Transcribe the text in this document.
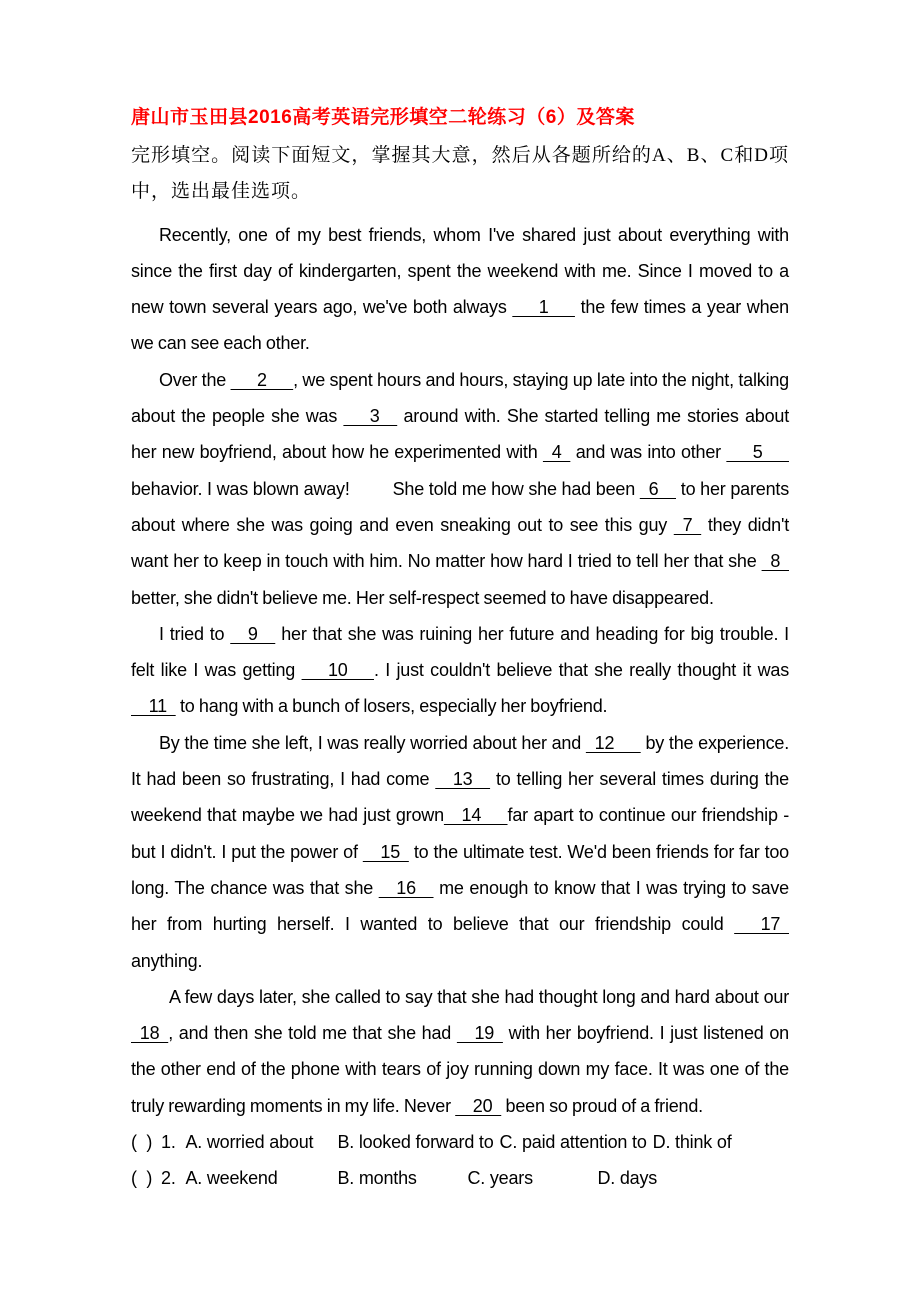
唐山市玉田县2016高考英语完形填空二轮练习（6）及答案

完形填空。阅读下面短文，掌握其大意，然后从各题所给的A、B、C和D项中，选出最佳选项。

Recently, one of my best friends, whom I've shared just about everything with since the first day of kindergarten, spent the weekend with me. Since I moved to a new town several years ago, we've both always    1    the few times a year when we can see each other.

Over the    2   , we spent hours and hours, staying up late into the night, talking about the people she was    3   around with. She started telling me stories about her new boyfriend, about how he experimented with  4  and was into other    5    behavior. I was blown away!         She told me how she had been  6   to her parents about where she was going and even sneaking out to see this guy  7  they didn't want her to keep in touch with him. No matter how hard I tried to tell her that she  8  better, she didn't believe me. Her self-respect seemed to have disappeared.

I tried to   9   her that she was ruining her future and heading for big trouble. I felt like I was getting    10   . I just couldn't believe that she really thought it was   11  to hang with a bunch of losers, especially her boyfriend.

By the time she left, I was really worried about her and  12    by the experience. It had been so frustrating, I had come   13   to telling her several times during the weekend that maybe we had just grown  14   far apart to continue our friendship - but I didn't. I put the power of   15  to the ultimate test. We'd been friends for far too long. The chance was that she   16   me enough to know that I was trying to save her from hurting herself. I wanted to believe that our friendship could    17  anything.

A few days later, she called to say that she had thought long and hard about our  18 , and then she told me that she had   19  with her boyfriend. I just listened on the other end of the phone with tears of joy running down my face. It was one of the truly rewarding moments in my life. Never   20  been so proud of a friend.

(  ) 1. A. worried about B. looked forward to C. paid attention to D. think of
(  ) 2. A. weekend	B. months	C. years	D. days
